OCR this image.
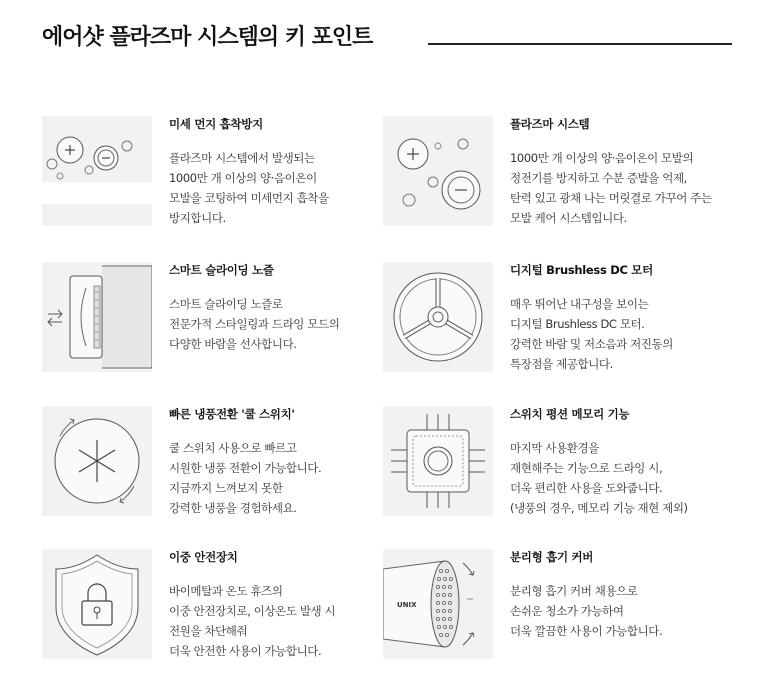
에어샷 플라즈마 시스템의 키 포인트
미세 먼지 흡착방지
플라즈마 시스템에서 발생되는
1000만 개 이상의 양·음이온이
모발을 코팅하여 미세먼지 흡착을
방지합니다.
플라즈마 시스템
1000만 개 이상의 양·음이온이 모발의
정전기를 방지하고 수분 증발을 억제,
탄력 있고 광채 나는 머릿결로 가꾸어 주는
모발 케어 시스템입니다.
스마트 슬라이딩 노즐
스마트 슬라이딩 노즐로
전문가적 스타일링과 드라잉 모드의
다양한 바람을 선사합니다.
디지털 Brushless DC 모터
매우 뛰어난 내구성을 보이는
디지털 Brushless DC 모터.
강력한 바람 및 저소음과 저진동의
특장점을 제공합니다.
빠른 냉풍전환 '쿨 스위치'
쿨 스위치 사용으로 빠르고
시원한 냉풍 전환이 가능합니다.
지금까지 느껴보지 못한
강력한 냉풍을 경험하세요.
스위치 평션 메모리 기능
마지막 사용환경을
재현해주는 기능으로 드라잉 시,
더욱 편리한 사용을 도와줍니다.
(냉풍의 경우, 메모리 기능 재현 제외)
이중 안전장치
바이메탈과 온도 휴즈의
이중 안전장치로, 이상온도 발생 시
전원을 차단해줘
더욱 안전한 사용이 가능합니다.
UNIX
분리형 흡기 커버
분리형 흡기 커버 채용으로
손쉬운 청소가 가능하여
더욱 깔끔한 사용이 가능합니다.
